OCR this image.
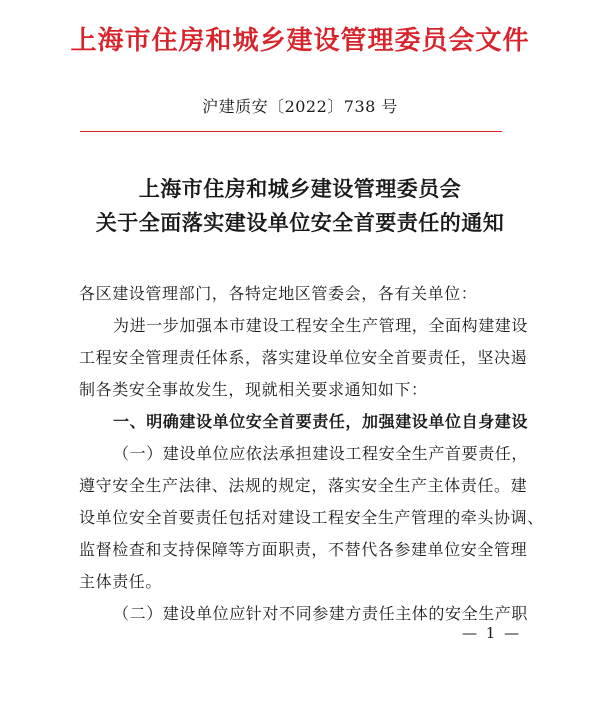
上海市住房和城乡建设管理委员会文件
沪建质安〔2022〕738 号
上海市住房和城乡建设管理委员会
关于全面落实建设单位安全首要责任的通知
各区建设管理部门，各特定地区管委会，各有关单位：
为进一步加强本市建设工程安全生产管理，全面构建建设
工程安全管理责任体系，落实建设单位安全首要责任，坚决遏
制各类安全事故发生，现就相关要求通知如下：
一、明确建设单位安全首要责任，加强建设单位自身建设
（一）建设单位应依法承担建设工程安全生产首要责任，
遵守安全生产法律、法规的规定，落实安全生产主体责任。建
设单位安全首要责任包括对建设工程安全生产管理的牵头协调、
监督检查和支持保障等方面职责，不替代各参建单位安全管理
主体责任。
（二）建设单位应针对不同参建方责任主体的安全生产职
— 1 —
